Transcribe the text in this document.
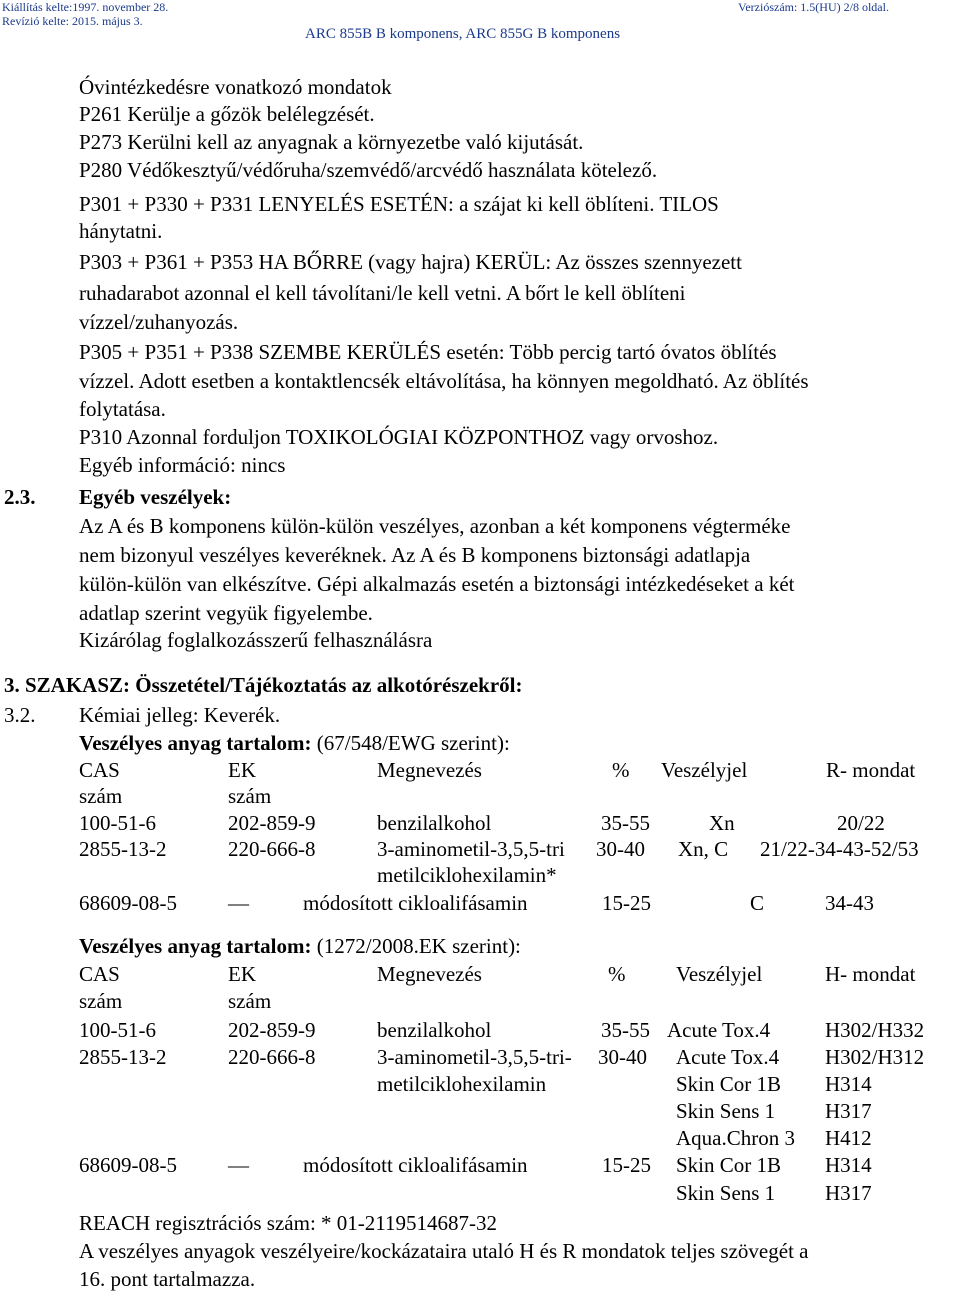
Kiállítás kelte:1997. november 28.
Revízió kelte: 2015. május 3.
Verziószám: 1.5(HU) 2/8 oldal.
ARC 855B B komponens, ARC 855G B komponens
Óvintézkedésre vonatkozó mondatok
P261 Kerülje a gőzök belélegzését.
P273 Kerülni kell az anyagnak a környezetbe való kijutását.
P280 Védőkesztyű/védőruha/szemvédő/arcvédő használata kötelező.
P301 + P330 + P331 LENYELÉS ESETÉN: a szájat ki kell öblíteni. TILOS
hánytatni.
P303 + P361 + P353 HA BŐRRE (vagy hajra) KERÜL: Az összes szennyezett
ruhadarabot azonnal el kell távolítani/le kell vetni. A bőrt le kell öblíteni
vízzel/zuhanyozás.
P305 + P351 + P338 SZEMBE KERÜLÉS esetén: Több percig tartó óvatos öblítés
vízzel. Adott esetben a kontaktlencsék eltávolítása, ha könnyen megoldható. Az öblítés
folytatása.
P310 Azonnal forduljon TOXIKOLÓGIAI KÖZPONTHOZ vagy orvoshoz.
Egyéb információ: nincs
2.3. Egyéb veszélyek:
Az A és B komponens külön-külön veszélyes, azonban a két komponens végterméke
nem bizonyul veszélyes keveréknek. Az A és B komponens biztonsági adatlapja
külön-külön van elkészítve. Gépi alkalmazás esetén a biztonsági intézkedéseket a két
adatlap szerint vegyük figyelembe.
Kizárólag foglalkozásszerű felhasználásra
3. SZAKASZ: Összetétel/Tájékoztatás az alkotórészekről:
3.2. Kémiai jelleg: Keverék.
Veszélyes anyag tartalom: (67/548/EWG szerint):
CAS	EK	Megnevezés	% Veszélyjel	R- mondat
szám	szám
100-51-6	202-859-9	benzilalkohol	35-55	Xn	20/22
2855-13-2	220-666-8	3-aminometil-3,5,5-tri 30-40 Xn, C 21/22-34-43-52/53
metilciklohexilamin*
68609-08-5 —	módosított cikloalifásamin	15-25	C	34-43
Veszélyes anyag tartalom: (1272/2008.EK szerint):
CAS	EK	Megnevezés	% Veszélyjel	H- mondat
szám	szám
100-51-6	202-859-9	benzilalkohol	35-55 Acute Tox.4	H302/H332
2855-13-2	220-666-8	3-aminometil-3,5,5-tri- 30-40 Acute Tox.4 H302/H312
metilciklohexilamin	Skin Cor 1B H314
Skin Sens 1 H317
Aqua.Chron 3 H412
68609-08-5 —	módosított cikloalifásamin	15-25 Skin Cor 1B H314
Skin Sens 1 H317
REACH regisztrációs szám: * 01-2119514687-32
A veszélyes anyagok veszélyeire/kockázataira utaló H és R mondatok teljes szövegét a
16. pont tartalmazza.
